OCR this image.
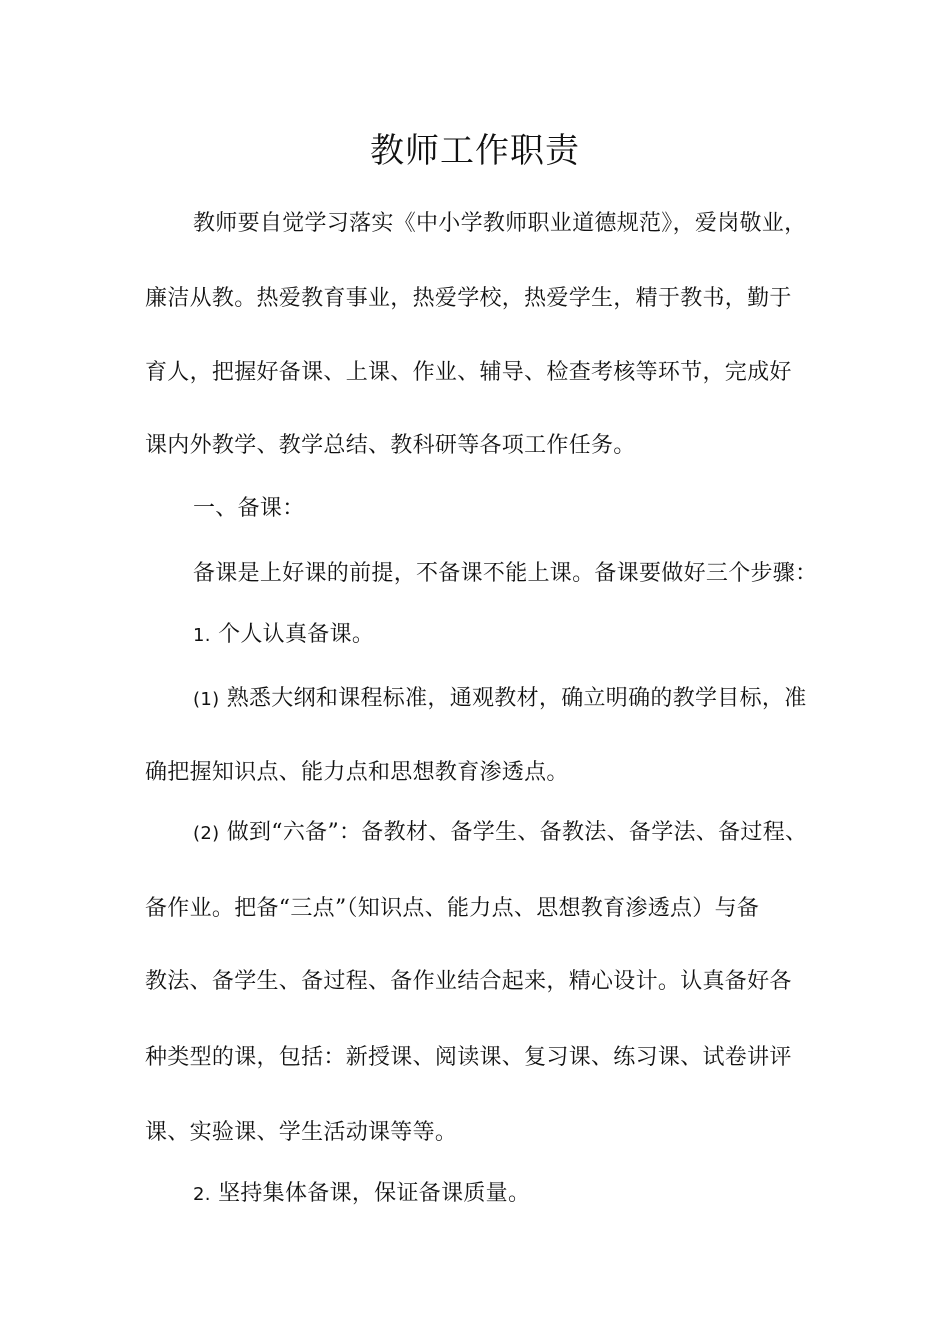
教师工作职责
教师要自觉学习落实《中小学教师职业道德规范》，爱岗敬业，
廉洁从教。热爱教育事业，热爱学校，热爱学生，精于教书，勤于
育人，把握好备课、上课、作业、辅导、检查考核等环节，完成好
课内外教学、教学总结、教科研等各项工作任务。
一、备课：
备课是上好课的前提，不备课不能上课。备课要做好三个步骤：
1. 个人认真备课。
(1) 熟悉大纲和课程标准，通观教材，确立明确的教学目标，准
确把握知识点、能力点和思想教育渗透点。
(2) 做到“六备”：备教材、备学生、备教法、备学法、备过程、
备作业。把备“三点”（知识点、能力点、思想教育渗透点）与备
教法、备学生、备过程、备作业结合起来，精心设计。认真备好各
种类型的课，包括：新授课、阅读课、复习课、练习课、试卷讲评
课、实验课、学生活动课等等。
2. 坚持集体备课，保证备课质量。
